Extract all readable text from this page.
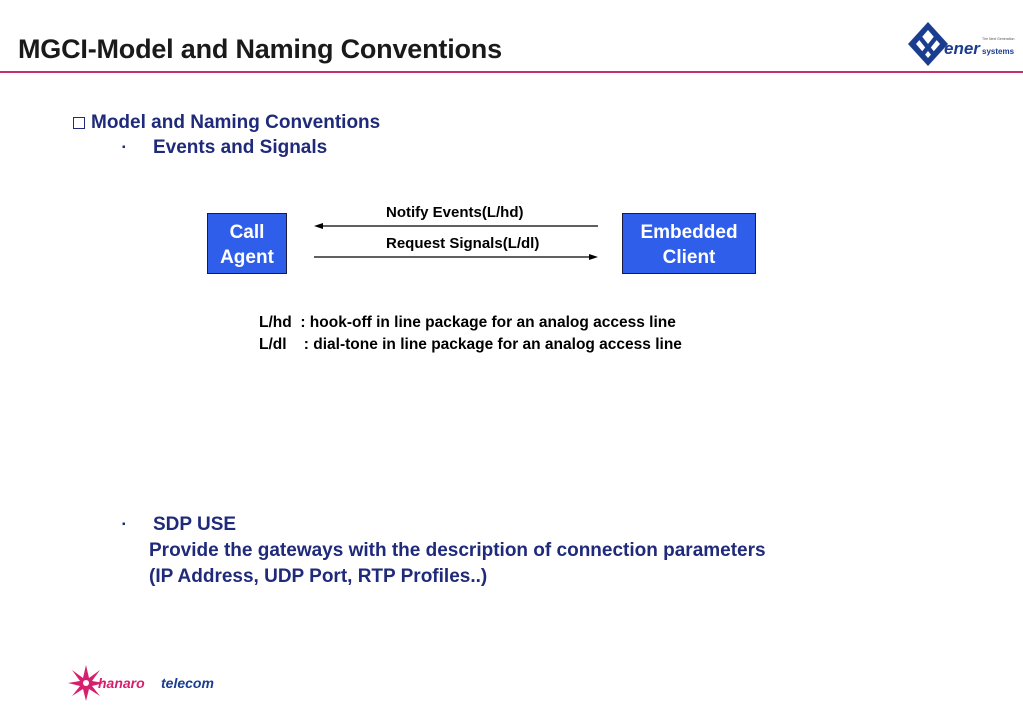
MGCI-Model and Naming Conventions	ener systems
The Next Generation
Model and Naming Conventions
▪ Events and Signals
Call
Agent
Embedded
Client
Notify Events(L/hd)
Request Signals(L/dl)
L/hd  : hook-off in line package for an analog access line
L/dl    : dial-tone in line package for an analog access line
▪ SDP USE
Provide the gateways with the description of connection parameters
(IP Address, UDP Port, RTP Profiles..)
hanaro telecom
